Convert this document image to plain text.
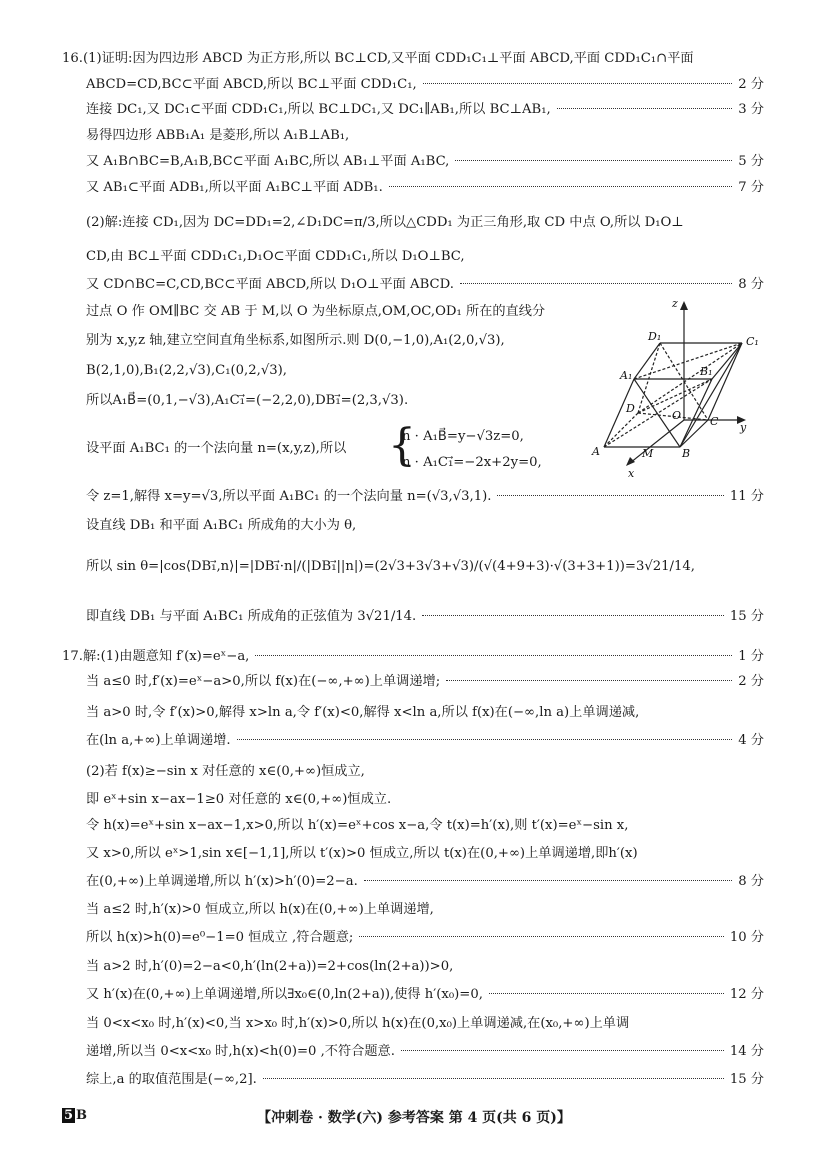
16.(1)证明:因为四边形 ABCD 为正方形,所以 BC⊥CD,又平面 CDD₁C₁⊥平面 ABCD,平面 CDD₁C₁∩平面
ABCD=CD,BC⊂平面 ABCD,所以 BC⊥平面 CDD₁C₁,	2 分
连接 DC₁,又 DC₁⊂平面 CDD₁C₁,所以 BC⊥DC₁,又 DC₁∥AB₁,所以 BC⊥AB₁,	3 分
易得四边形 ABB₁A₁ 是菱形,所以 A₁B⊥AB₁,
又 A₁B∩BC=B,A₁B,BC⊂平面 A₁BC,所以 AB₁⊥平面 A₁BC,	5 分
又 AB₁⊂平面 ADB₁,所以平面 A₁BC⊥平面 ADB₁.	7 分
(2)解:连接 CD₁,因为 DC=DD₁=2,∠D₁DC=π/3,所以△CDD₁ 为正三角形,取 CD 中点 O,所以 D₁O⊥
CD,由 BC⊥平面 CDD₁C₁,D₁O⊂平面 CDD₁C₁,所以 D₁O⊥BC,
又 CD∩BC=C,CD,BC⊂平面 ABCD,所以 D₁O⊥平面 ABCD.	8 分
过点 O 作 OM∥BC 交 AB 于 M,以 O 为坐标原点,OM,OC,OD₁ 所在的直线分
别为 x,y,z 轴,建立空间直角坐标系,如图所示.则 D(0,−1,0),A₁(2,0,√3),
B(2,1,0),B₁(2,2,√3),C₁(0,2,√3),
所以A₁B⃗=(0,1,−√3),A₁C₁⃗=(−2,2,0),DB₁⃗=(2,3,√3).
设平面 A₁BC₁ 的一个法向量 n=(x,y,z),所以 {
n · A₁B⃗=y−√3z=0,
n · A₁C₁⃗=−2x+2y=0,
令 z=1,解得 x=y=√3,所以平面 A₁BC₁ 的一个法向量 n=(√3,√3,1).	11 分
设直线 DB₁ 和平面 A₁BC₁ 所成角的大小为 θ,
所以 sin θ=|cos⟨DB₁⃗,n⟩|=|DB₁⃗·n|/(|DB₁⃗||n|)=(2√3+3√3+√3)/(√(4+9+3)·√(3+3+1))=3√21/14,
即直线 DB₁ 与平面 A₁BC₁ 所成角的正弦值为 3√21/14.	15 分
z
y
x
A	B
C
D
O
M
A₁	B₁
C₁
D₁
17.解:(1)由题意知 f′(x)=eˣ−a,	1 分
当 a≤0 时,f′(x)=eˣ−a>0,所以 f(x)在(−∞,+∞)上单调递增;	2 分
当 a>0 时,令 f′(x)>0,解得 x>ln a,令 f′(x)<0,解得 x<ln a,所以 f(x)在(−∞,ln a)上单调递减,
在(ln a,+∞)上单调递增.	4 分
(2)若 f(x)≥−sin x 对任意的 x∈(0,+∞)恒成立,
即 eˣ+sin x−ax−1≥0 对任意的 x∈(0,+∞)恒成立.
令 h(x)=eˣ+sin x−ax−1,x>0,所以 h′(x)=eˣ+cos x−a,令 t(x)=h′(x),则 t′(x)=eˣ−sin x,
又 x>0,所以 eˣ>1,sin x∈[−1,1],所以 t′(x)>0 恒成立,所以 t(x)在(0,+∞)上单调递增,即h′(x)
在(0,+∞)上单调递增,所以 h′(x)>h′(0)=2−a.	8 分
当 a≤2 时,h′(x)>0 恒成立,所以 h(x)在(0,+∞)上单调递增,
所以 h(x)>h(0)=e⁰−1=0 恒成立 ,符合题意;	10 分
当 a>2 时,h′(0)=2−a<0,h′(ln(2+a))=2+cos(ln(2+a))>0,
又 h′(x)在(0,+∞)上单调递增,所以∃x₀∈(0,ln(2+a)),使得 h′(x₀)=0,	12 分
当 0<x<x₀ 时,h′(x)<0,当 x>x₀ 时,h′(x)>0,所以 h(x)在(0,x₀)上单调递减,在(x₀,+∞)上单调
递增,所以当 0<x<x₀ 时,h(x)<h(0)=0 ,不符合题意.	14 分
综上,a 的取值范围是(−∞,2].	15 分
5 B	【冲刺卷 · 数学(六) 参考答案 第 4 页(共 6 页)】
